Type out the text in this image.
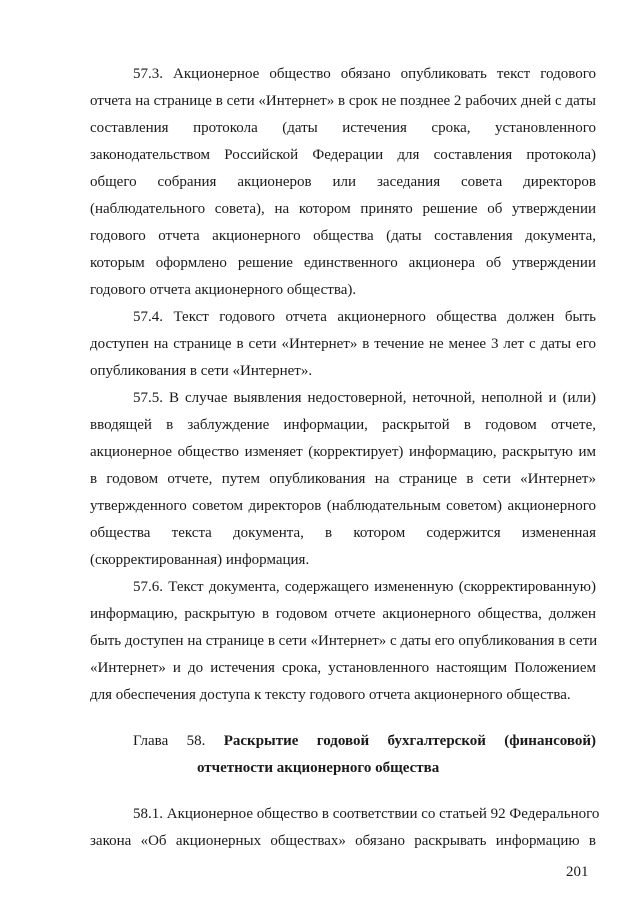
57.3. Акционерное общество обязано опубликовать текст годового
отчета на странице в сети «Интернет» в срок не позднее 2 рабочих дней с даты
составления протокола (даты истечения срока, установленного
законодательством Российской Федерации для составления протокола)
общего собрания акционеров или заседания совета директоров
(наблюдательного совета), на котором принято решение об утверждении
годового отчета акционерного общества (даты составления документа,
которым оформлено решение единственного акционера об утверждении
годового отчета акционерного общества).
57.4. Текст годового отчета акционерного общества должен быть
доступен на странице в сети «Интернет» в течение не менее 3 лет с даты его
опубликования в сети «Интернет».
57.5. В случае выявления недостоверной, неточной, неполной и (или)
вводящей в заблуждение информации, раскрытой в годовом отчете,
акционерное общество изменяет (корректирует) информацию, раскрытую им
в годовом отчете, путем опубликования на странице в сети «Интернет»
утвержденного советом директоров (наблюдательным советом) акционерного
общества текста документа, в котором содержится измененная
(скорректированная) информация.
57.6. Текст документа, содержащего измененную (скорректированную)
информацию, раскрытую в годовом отчете акционерного общества, должен
быть доступен на странице в сети «Интернет» с даты его опубликования в сети
«Интернет» и до истечения срока, установленного настоящим Положением
для обеспечения доступа к тексту годового отчета акционерного общества.
Глава 58. Раскрытие годовой бухгалтерской (финансовой)
отчетности акционерного общества
58.1. Акционерное общество в соответствии со статьей 92 Федерального
закона «Об акционерных обществах» обязано раскрывать информацию в
201
